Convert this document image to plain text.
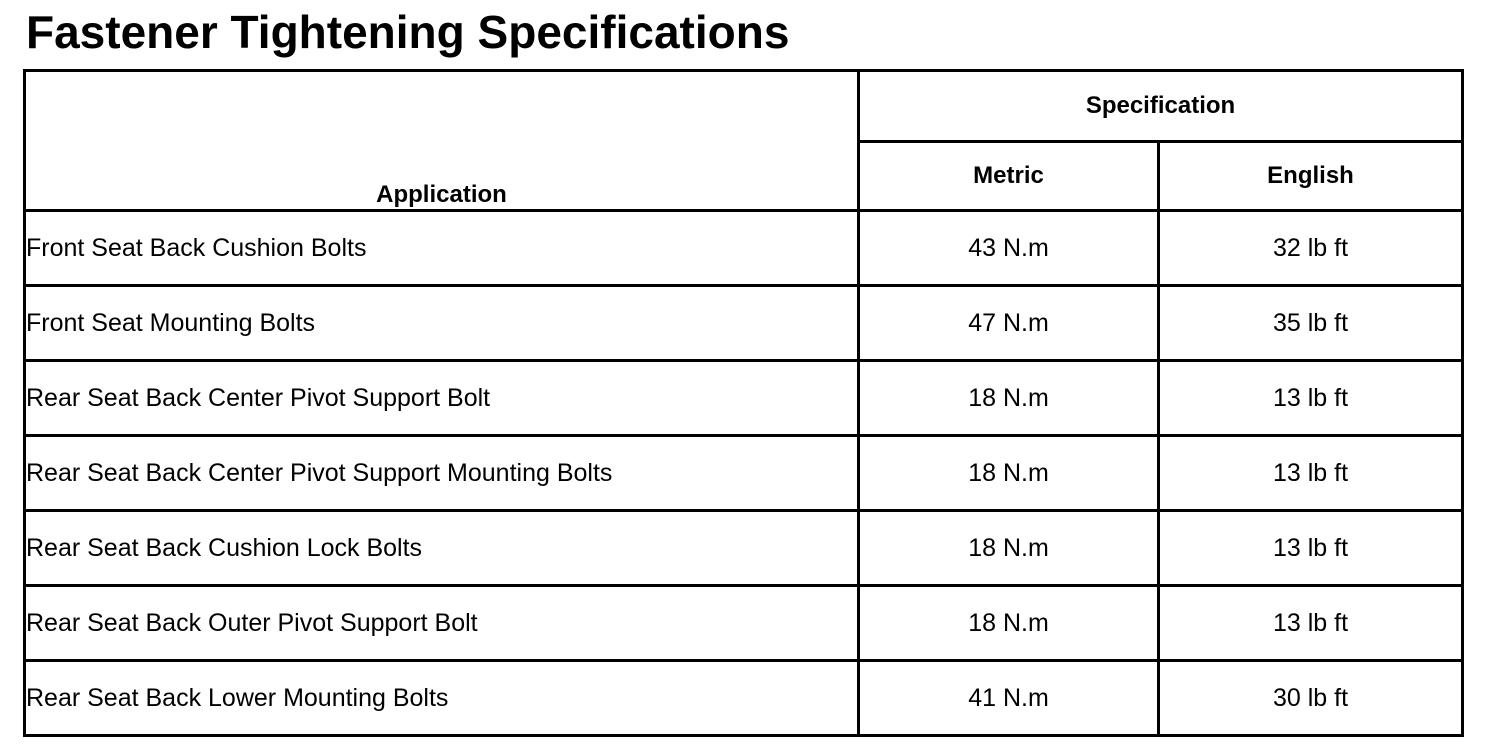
Fastener Tightening Specifications
Application	Specification	
	Metric	English
Front Seat Back Cushion Bolts	43 N.m	32 lb ft
Front Seat Mounting Bolts	47 N.m	35 lb ft
Rear Seat Back Center Pivot Support Bolt	18 N.m	13 lb ft
Rear Seat Back Center Pivot Support Mounting Bolts	18 N.m	13 lb ft
Rear Seat Back Cushion Lock Bolts	18 N.m	13 lb ft
Rear Seat Back Outer Pivot Support Bolt	18 N.m	13 lb ft
Rear Seat Back Lower Mounting Bolts	41 N.m	30 lb ft
